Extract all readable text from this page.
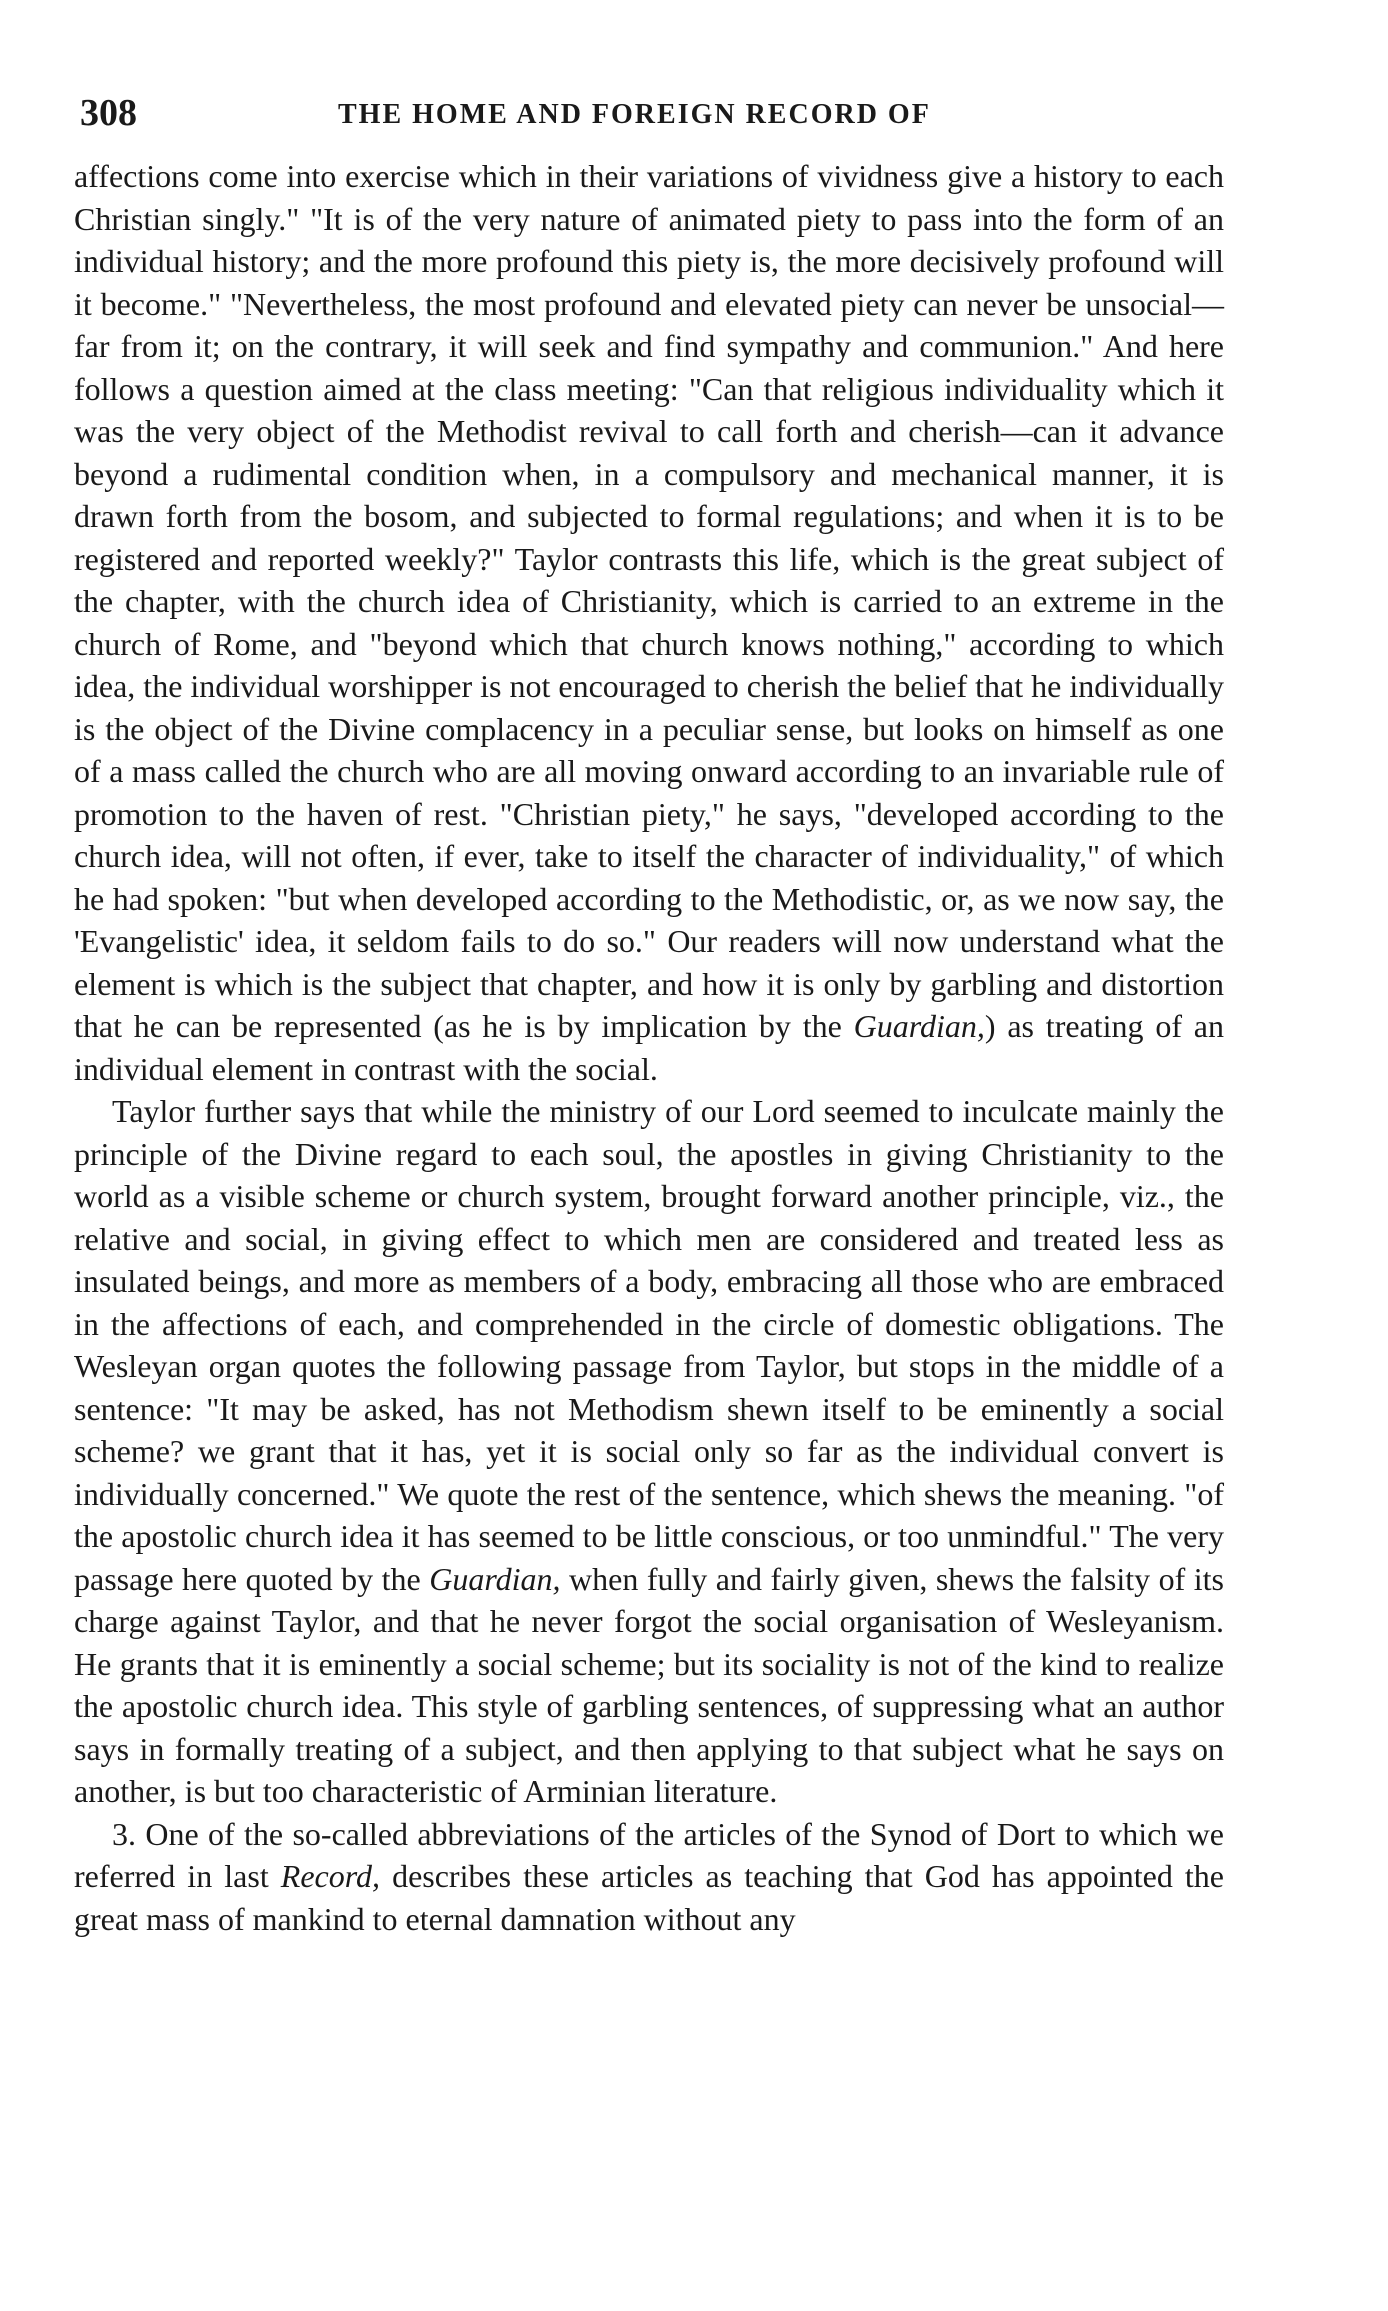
308	THE HOME AND FOREIGN RECORD OF

affections come into exercise which in their variations of vividness give a history to each Christian singly." "It is of the very nature of animated piety to pass into the form of an individual history; and the more profound this piety is, the more decisively profound will it become." "Nevertheless, the most profound and elevated piety can never be unsocial—far from it; on the contrary, it will seek and find sympathy and communion." And here follows a question aimed at the class meeting: "Can that religious individuality which it was the very object of the Methodist revival to call forth and cherish—can it advance beyond a rudimental condition when, in a compulsory and mechanical manner, it is drawn forth from the bosom, and subjected to formal regulations; and when it is to be registered and reported weekly?" Taylor contrasts this life, which is the great subject of the chapter, with the church idea of Christianity, which is carried to an extreme in the church of Rome, and "beyond which that church knows nothing," according to which idea, the individual worshipper is not encouraged to cherish the belief that he individually is the object of the Divine complacency in a peculiar sense, but looks on himself as one of a mass called the church who are all moving onward according to an invariable rule of promotion to the haven of rest. "Christian piety," he says, "developed according to the church idea, will not often, if ever, take to itself the character of individuality," of which he had spoken: "but when developed according to the Methodistic, or, as we now say, the 'Evangelistic' idea, it seldom fails to do so." Our readers will now understand what the element is which is the subject that chapter, and how it is only by garbling and distortion that he can be represented (as he is by implication by the Guardian,) as treating of an individual element in contrast with the social.

Taylor further says that while the ministry of our Lord seemed to inculcate mainly the principle of the Divine regard to each soul, the apostles in giving Christianity to the world as a visible scheme or church system, brought forward another principle, viz., the relative and social, in giving effect to which men are considered and treated less as insulated beings, and more as members of a body, embracing all those who are embraced in the affections of each, and comprehended in the circle of domestic obligations. The Wesleyan organ quotes the following passage from Taylor, but stops in the middle of a sentence: "It may be asked, has not Methodism shewn itself to be eminently a social scheme? we grant that it has, yet it is social only so far as the individual convert is individually concerned." We quote the rest of the sentence, which shews the meaning. "of the apostolic church idea it has seemed to be little conscious, or too unmindful." The very passage here quoted by the Guardian, when fully and fairly given, shews the falsity of its charge against Taylor, and that he never forgot the social organisation of Wesleyanism. He grants that it is eminently a social scheme; but its sociality is not of the kind to realize the apostolic church idea. This style of garbling sentences, of suppressing what an author says in formally treating of a subject, and then applying to that subject what he says on another, is but too characteristic of Arminian literature.

3. One of the so-called abbreviations of the articles of the Synod of Dort to which we referred in last Record, describes these articles as teaching that God has appointed the great mass of mankind to eternal damnation without any
